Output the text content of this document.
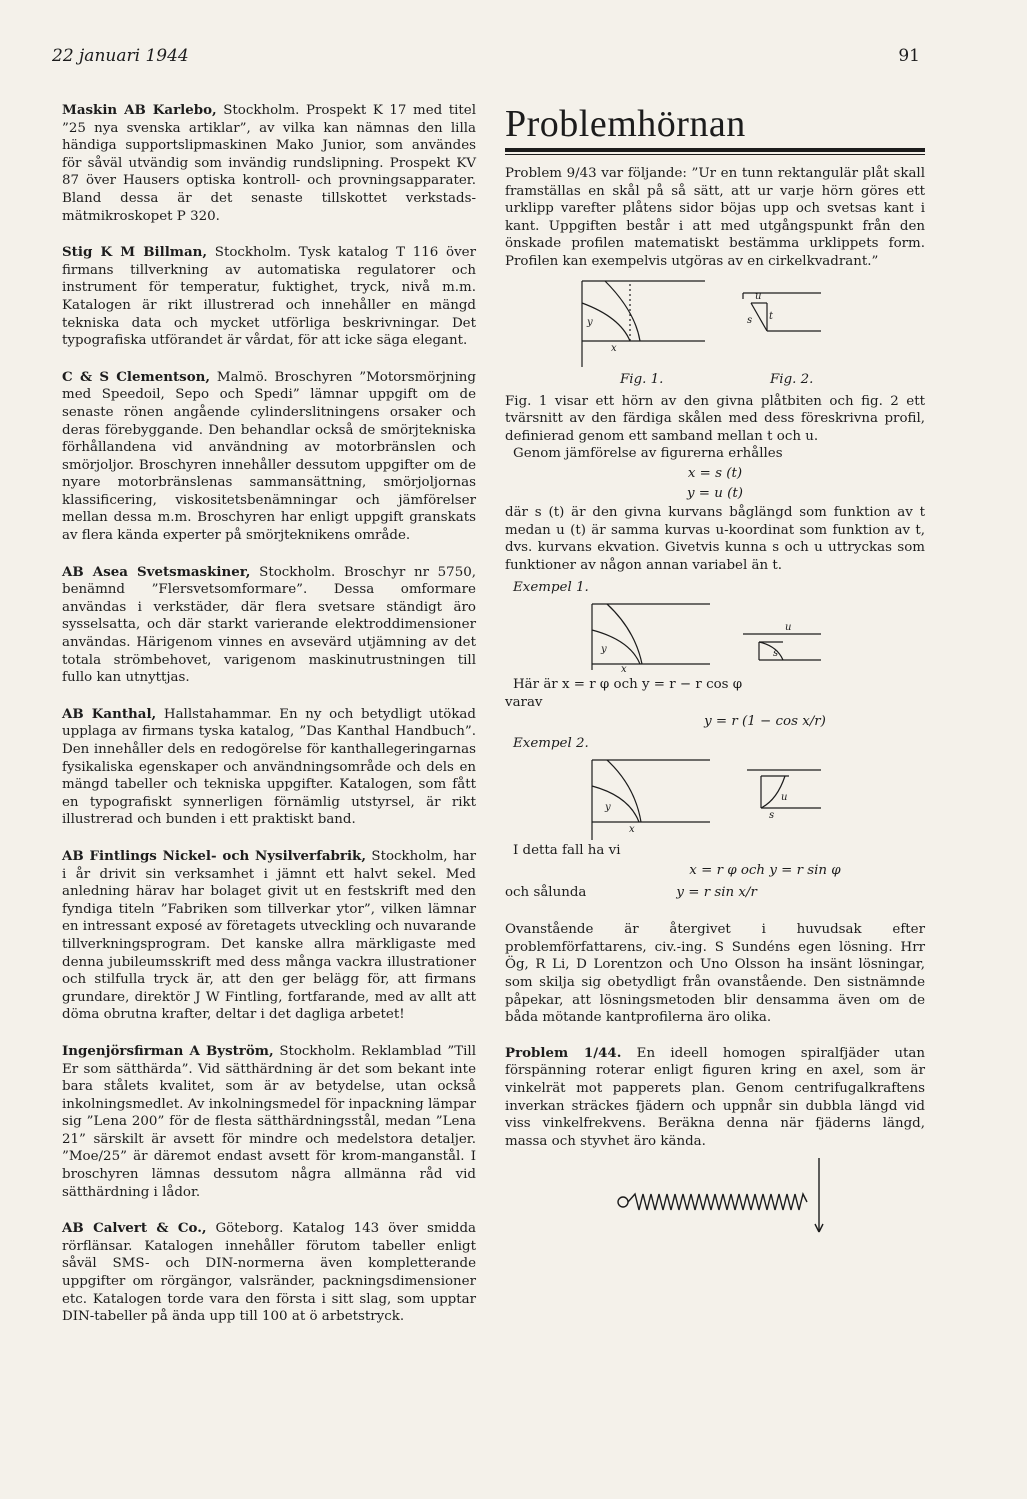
22 januari 1944	91

Maskin AB Karlebo, Stockholm. Prospekt K 17 med titel ”25 nya svenska artiklar”, av vilka kan nämnas den lilla händiga supportslipmaskinen Mako Junior, som användes för såväl utvändig som invändig rundslipning. Prospekt KV 87 över Hausers optiska kontroll- och provningsapparater. Bland dessa är det senaste tillskottet verkstads-mätmikroskopet P 320.

Stig K M Billman, Stockholm. Tysk katalog T 116 över firmans tillverkning av automatiska regulatorer och instrument för temperatur, fuktighet, tryck, nivå m.m. Katalogen är rikt illustrerad och innehåller en mängd tekniska data och mycket utförliga beskrivningar. Det typografiska utförandet är vårdat, för att icke säga elegant.

C & S Clementson, Malmö. Broschyren ”Motorsmörjning med Speedoil, Sepo och Spedi” lämnar uppgift om de senaste rönen angående cylinderslitningens orsaker och deras förebyggande. Den behandlar också de smörjtekniska förhållandena vid användning av motorbränslen och smörjoljor. Broschyren innehåller dessutom uppgifter om de nyare motorbränslenas sammansättning, smörjoljornas klassificering, viskositetsbenämningar och jämförelser mellan dessa m.m. Broschyren har enligt uppgift granskats av flera kända experter på smörjteknikens område.

AB Asea Svetsmaskiner, Stockholm. Broschyr nr 5750, benämnd ”Flersvetsomformare”. Dessa omformare användas i verkstäder, där flera svetsare ständigt äro sysselsatta, och där starkt varierande elektroddimensioner användas. Härigenom vinnes en avsevärd utjämning av det totala strömbehovet, varigenom maskinutrustningen till fullo kan utnyttjas.

AB Kanthal, Hallstahammar. En ny och betydligt utökad upplaga av firmans tyska katalog, ”Das Kanthal Handbuch”. Den innehåller dels en redogörelse för kanthallegeringarnas fysikaliska egenskaper och användningsområde och dels en mängd tabeller och tekniska uppgifter. Katalogen, som fått en typografiskt synnerligen förnämlig utstyrsel, är rikt illustrerad och bunden i ett praktiskt band.

AB Fintlings Nickel- och Nysilverfabrik, Stockholm, har i år drivit sin verksamhet i jämnt ett halvt sekel. Med anledning härav har bolaget givit ut en festskrift med den fyndiga titeln ”Fabriken som tillverkar ytor”, vilken lämnar en intressant exposé av företagets utveckling och nuvarande tillverkningsprogram. Det kanske allra märkligaste med denna jubileumsskrift med dess många vackra illustrationer och stilfulla tryck är, att den ger belägg för, att firmans grundare, direktör J W Fintling, fortfarande, med av allt att döma obrutna krafter, deltar i det dagliga arbetet!

Ingenjörsfirman A Byström, Stockholm. Reklamblad ”Till Er som sätthärda”. Vid sätthärdning är det som bekant inte bara stålets kvalitet, som är av betydelse, utan också inkolningsmedlet. Av inkolningsmedel för inpackning lämpar sig ”Lena 200” för de flesta sätthärdningsstål, medan ”Lena 21” särskilt är avsett för mindre och medelstora detaljer. ”Moe/25” är däremot endast avsett för krom-manganstål. I broschyren lämnas dessutom några allmänna råd vid sätthärdning i lådor.

AB Calvert & Co., Göteborg. Katalog 143 över smidda rörflänsar. Katalogen innehåller förutom tabeller enligt såväl SMS- och DIN-normerna även kompletterande uppgifter om rörgängor, valsränder, packningsdimensioner etc. Katalogen torde vara den första i sitt slag, som upptar DIN-tabeller på ända upp till 100 at ö arbetstryck.

Problemhörnan

Problem 9/43 var följande: ”Ur en tunn rektangulär plåt skall framställas en skål på så sätt, att ur varje hörn göres ett urklipp varefter plåtens sidor böjas upp och svetsas kant i kant. Uppgiften består i att med utgångspunkt från den önskade profilen matematiskt bestämma urklippets form. Profilen kan exempelvis utgöras av en cirkelkvadrant.”

y
x
u
s t
Fig. 1.	Fig. 2.

Fig. 1 visar ett hörn av den givna plåtbiten och fig. 2 ett tvärsnitt av den färdiga skålen med dess föreskrivna profil, definierad genom ett samband mellan t och u.

Genom jämförelse av figurerna erhålles

x = s (t)
y = u (t)

där s (t) är den givna kurvans båglängd som funktion av t medan u (t) är samma kurvas u-koordinat som funktion av t, dvs. kurvans ekvation. Givetvis kunna s och u uttryckas som funktioner av någon annan variabel än t.

Exempel 1.
y
x
u
s

Här är x = r φ och y = r − r cos φ

varav

y = r (1 − cos x/r)
Exempel 2.
y
x
u
s

I detta fall ha vi

x = r φ och y = r sin φ

och sålunda	y = r sin x/r

Ovanstående är återgivet i huvudsak efter problemförfattarens, civ.-ing. S Sundéns egen lösning. Hrr Ög, R Li, D Lorentzon och Uno Olsson ha insänt lösningar, som skilja sig obetydligt från ovanstående. Den sistnämnde påpekar, att lösningsmetoden blir densamma även om de båda mötande kantprofilerna äro olika.

Problem 1/44. En ideell homogen spiralfjäder utan förspänning roterar enligt figuren kring en axel, som är vinkelrät mot papperets plan. Genom centrifugalkraftens inverkan sträckes fjädern och uppnår sin dubbla längd vid viss vinkelfrekvens. Beräkna denna när fjäderns längd, massa och styvhet äro kända.
